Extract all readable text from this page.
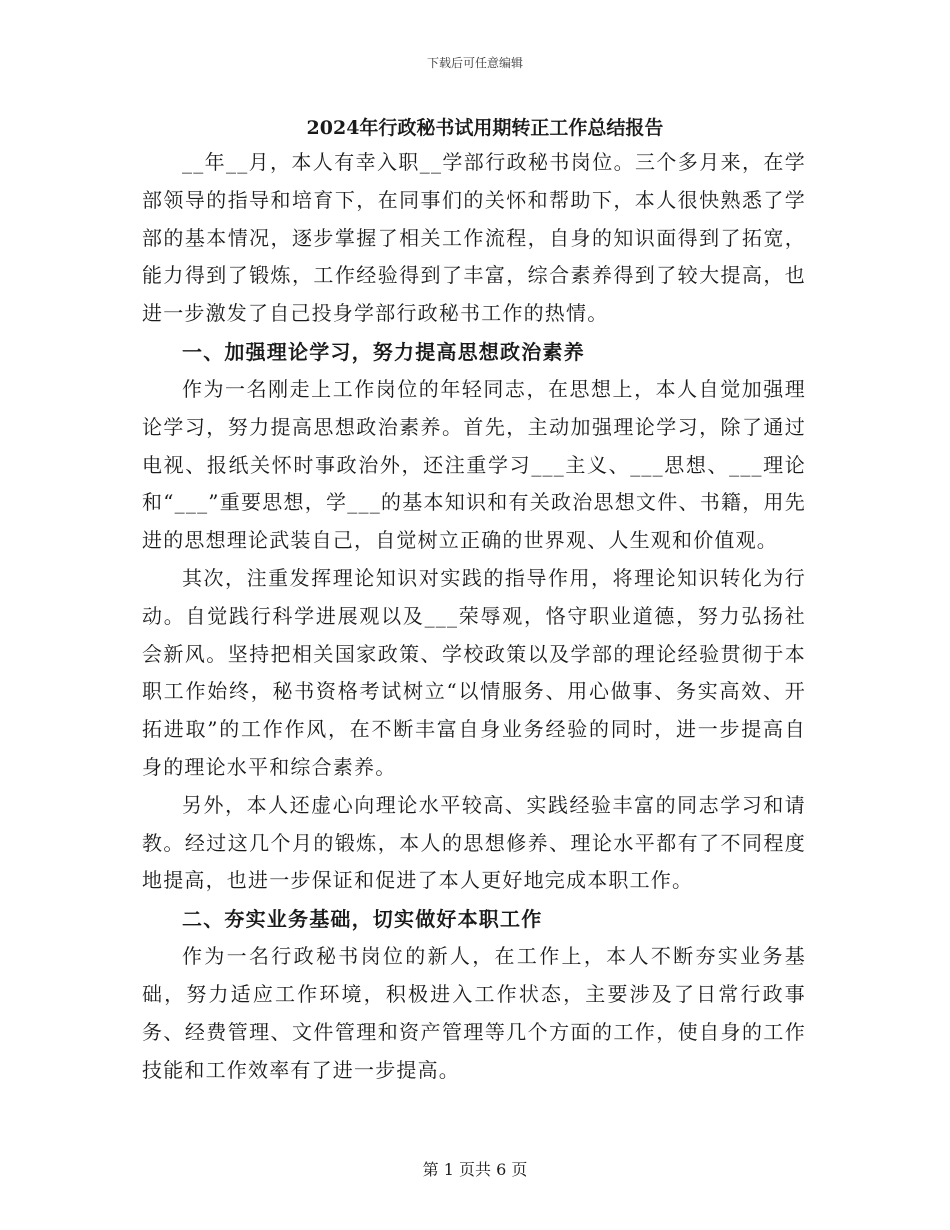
下载后可任意编辑
2024年行政秘书试用期转正工作总结报告

__年__月，本人有幸入职__学部行政秘书岗位。三个多月来，在学部领导的指导和培育下，在同事们的关怀和帮助下，本人很快熟悉了学部的基本情况，逐步掌握了相关工作流程，自身的知识面得到了拓宽，能力得到了锻炼，工作经验得到了丰富，综合素养得到了较大提高，也进一步激发了自己投身学部行政秘书工作的热情。

一、加强理论学习，努力提高思想政治素养

作为一名刚走上工作岗位的年轻同志，在思想上，本人自觉加强理论学习，努力提高思想政治素养。首先，主动加强理论学习，除了通过电视、报纸关怀时事政治外，还注重学习___主义、___思想、___理论和“___”重要思想，学___的基本知识和有关政治思想文件、书籍，用先进的思想理论武装自己，自觉树立正确的世界观、人生观和价值观。

其次，注重发挥理论知识对实践的指导作用，将理论知识转化为行动。自觉践行科学进展观以及___荣辱观，恪守职业道德，努力弘扬社会新风。坚持把相关国家政策、学校政策以及学部的理论经验贯彻于本职工作始终，秘书资格考试树立“以情服务、用心做事、务实高效、开拓进取”的工作作风，在不断丰富自身业务经验的同时，进一步提高自身的理论水平和综合素养。

另外，本人还虚心向理论水平较高、实践经验丰富的同志学习和请教。经过这几个月的锻炼，本人的思想修养、理论水平都有了不同程度地提高，也进一步保证和促进了本人更好地完成本职工作。

二、夯实业务基础，切实做好本职工作

作为一名行政秘书岗位的新人，在工作上，本人不断夯实业务基础，努力适应工作环境，积极进入工作状态，主要涉及了日常行政事务、经费管理、文件管理和资产管理等几个方面的工作，使自身的工作技能和工作效率有了进一步提高。

第 1 页共 6 页
